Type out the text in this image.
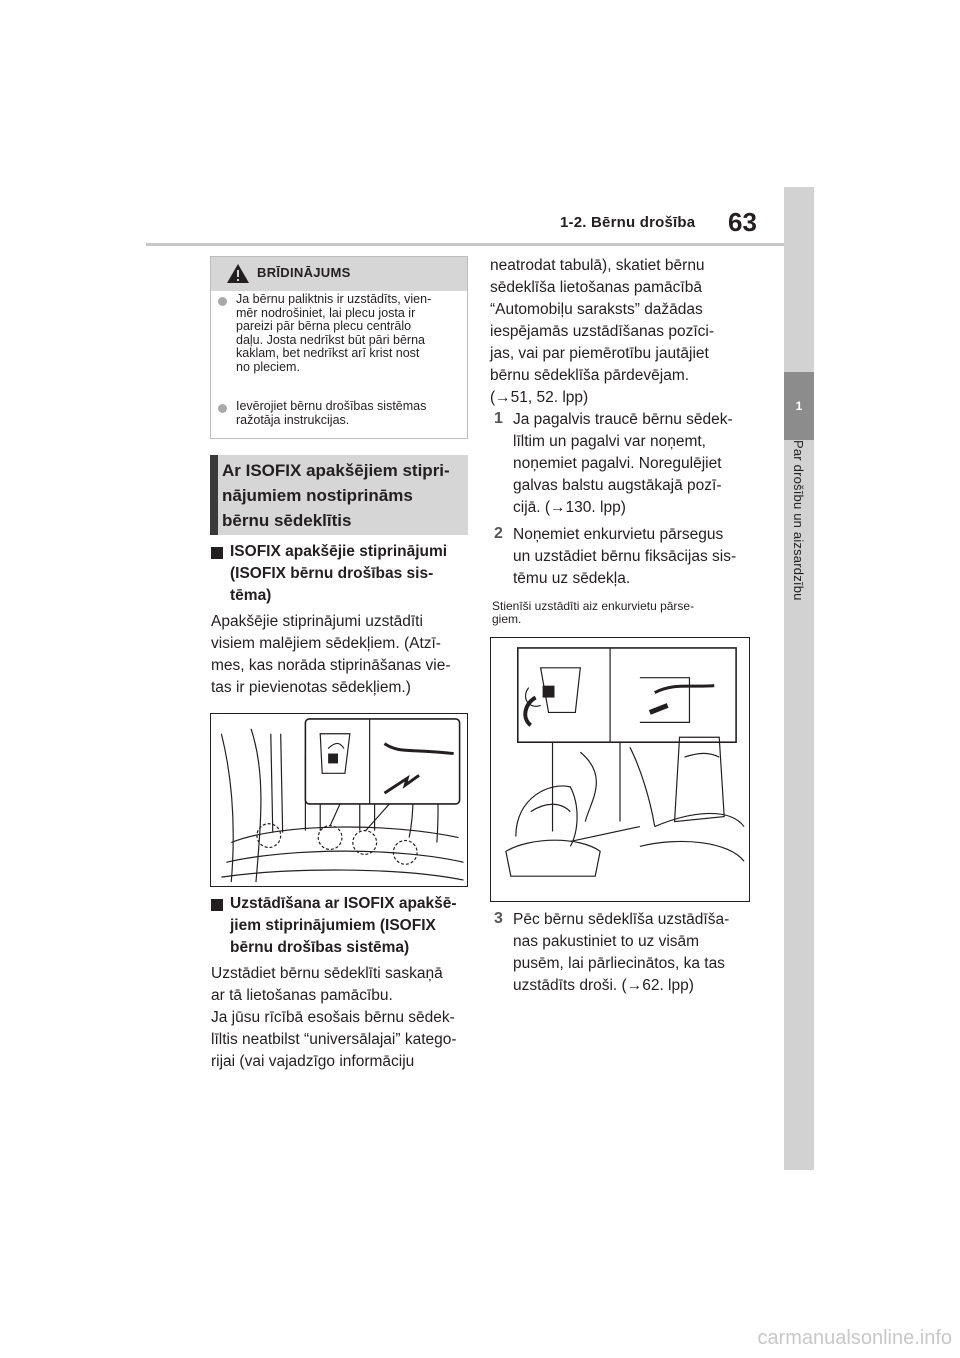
1-2. Bērnu drošība 63
1
Par drošību un aizsardzību
BRĪDINĀJUMS
Ja bērnu paliktnis ir uzstādīts, vien-
mēr nodrošiniet, lai plecu josta ir
pareizi pār bērna plecu centrālo
daļu. Josta nedrīkst būt pāri bērna
kaklam, bet nedrīkst arī krist nost
no pleciem.
Ievērojiet bērnu drošības sistēmas
ražotāja instrukcijas.
Ar ISOFIX apakšējiem stipri-
nājumiem nostiprināms
bērnu sēdeklītis
ISOFIX apakšējie stiprinājumi
(ISOFIX bērnu drošības sis-
tēma)
Apakšējie stiprinājumi uzstādīti
visiem malējiem sēdekļiem. (Atzī-
mes, kas norāda stiprināšanas vie-
tas ir pievienotas sēdekļiem.)
Uzstādīšana ar ISOFIX apakšē-
jiem stiprinājumiem (ISOFIX
bērnu drošības sistēma)
Uzstādiet bērnu sēdeklīti saskaņā
ar tā lietošanas pamācību.
Ja jūsu rīcībā esošais bērnu sēdek-
līltis neatbilst “universālajai” katego-
rijai (vai vajadzīgo informāciju
neatrodat tabulā), skatiet bērnu
sēdeklīša lietošanas pamācībā
“Automobiļu saraksts” dažādas
iespējamās uzstādīšanas pozīci-
jas, vai par piemērotību jautājiet
bērnu sēdeklīša pārdevējam.
(→51, 52. lpp)
1 Ja pagalvis traucē bērnu sēdek-
līltim un pagalvi var noņemt,
noņemiet pagalvi. Noregulējiet
galvas balstu augstākajā pozī-
cijā. (→130. lpp)
2 Noņemiet enkurvietu pārsegus
un uzstādiet bērnu fiksācijas sis-
tēmu uz sēdekļa.
Stienīši uzstādīti aiz enkurvietu pārse-
giem.
3 Pēc bērnu sēdeklīša uzstādīša-
nas pakustiniet to uz visām
pusēm, lai pārliecinātos, ka tas
uzstādīts droši. (→62. lpp)
carmanualsonline.info
